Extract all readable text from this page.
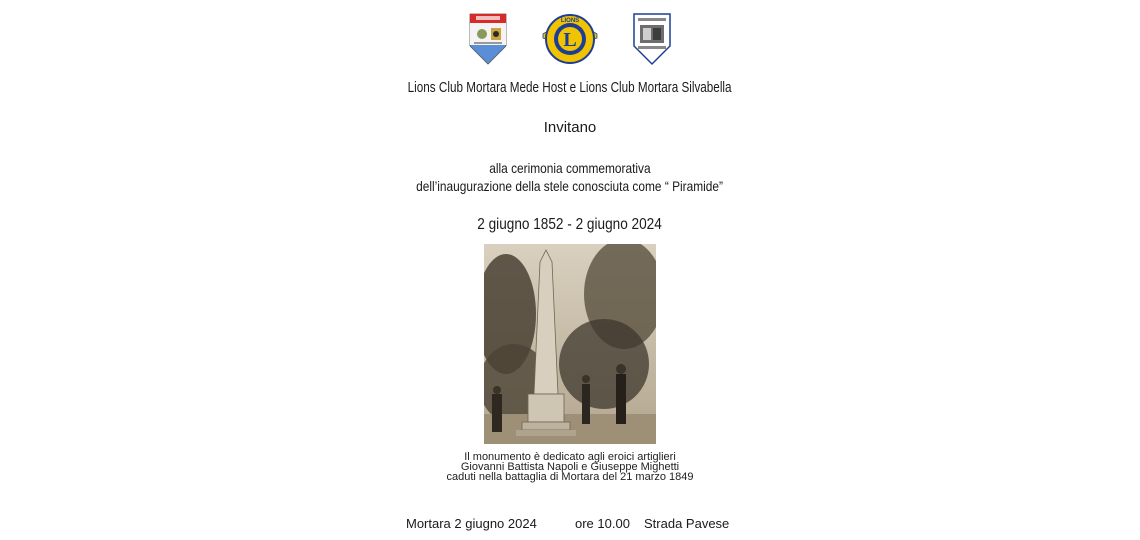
L
LIONS
Lions Club Mortara Mede Host e Lions Club Mortara Silvabella
Invitano
alla cerimonia commemorativa
dell’inaugurazione della stele conosciuta come “ Piramide”
2 giugno 1852 - 2 giugno 2024
Il monumento è dedicato agli eroici artiglieri
Giovanni Battista Napoli e Giuseppe Mighetti
caduti nella battaglia di Mortara del 21 marzo 1849
Mortara 2 giugno 2024	ore 10.00 Strada Pavese
